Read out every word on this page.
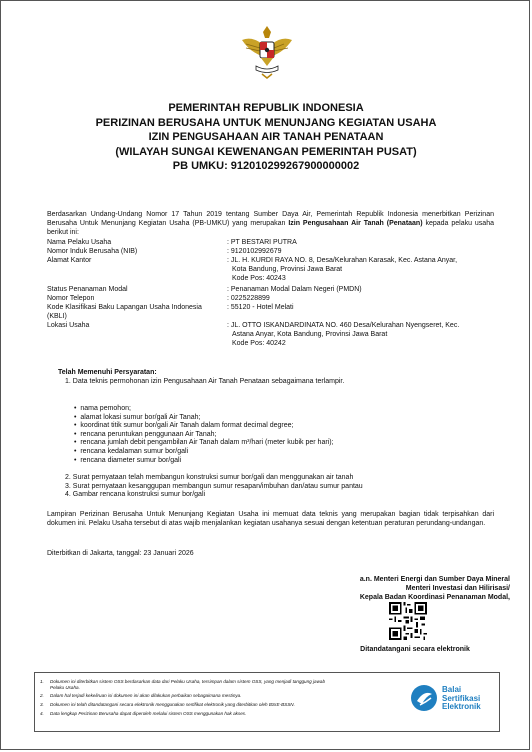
PEMERINTAH REPUBLIK INDONESIA
PERIZINAN BERUSAHA UNTUK MENUNJANG KEGIATAN USAHA
IZIN PENGUSAHAAN AIR TANAH PENATAAN
(WILAYAH SUNGAI KEWENANGAN PEMERINTAH PUSAT)
PB UMKU: 912010299267900000002
Berdasarkan Undang-Undang Nomor 17 Tahun 2019 tentang Sumber Daya Air, Pemerintah Republik Indonesia menerbitkan Perizinan Berusaha Untuk Menunjang Kegiatan Usaha (PB-UMKU) yang merupakan Izin Pengusahaan Air Tanah (Penataan) kepada pelaku usaha berikut ini:
Nama Pelaku Usaha	: PT BESTARI PUTRA
Nomor Induk Berusaha (NIB)	: 9120102992679
Alamat Kantor	: JL. H. KURDI RAYA NO. 8, Desa/Kelurahan Karasak, Kec. Astana Anyar,
Kota Bandung, Provinsi Jawa Barat
Kode Pos: 40243
Status Penanaman Modal	: Penanaman Modal Dalam Negeri (PMDN)
Nomor Telepon	: 0225228899
Kode Klasifikasi Baku Lapangan Usaha Indonesia	: 55120 - Hotel Melati
(KBLI)
Lokasi Usaha	: JL. OTTO ISKANDARDINATA NO. 460 Desa/Kelurahan Nyengseret, Kec.
Astana Anyar, Kota Bandung, Provinsi Jawa Barat
Kode Pos: 40242
Telah Memenuhi Persyaratan:
1. Data teknis permohonan izin Pengusahaan Air Tanah Penataan sebagaimana terlampir.
•  nama pemohon;
•  alamat lokasi sumur bor/gali Air Tanah;
•  koordinat titik sumur bor/gali Air Tanah dalam format decimal degree;
•  rencana peruntukan penggunaan Air Tanah;
•  rencana jumlah debit pengambilan Air Tanah dalam m³/hari (meter kubik per hari);
•  rencana kedalaman sumur bor/gali
•  rencana diameter sumur bor/gali
2. Surat pernyataan telah membangun konstruksi sumur bor/gali dan menggunakan air tanah
3. Surat pernyataan kesanggupan membangun sumur resapan/imbuhan dan/atau sumur pantau
4. Gambar rencana konstruksi sumur bor/gali
Lampiran Perizinan Berusaha Untuk Menunjang Kegiatan Usaha ini memuat data teknis yang merupakan bagian tidak terpisahkan dari dokumen ini. Pelaku Usaha tersebut di atas wajib menjalankan kegiatan usahanya sesuai dengan ketentuan peraturan perundang-undangan.
Diterbitkan di Jakarta, tanggal: 23 Januari 2026
a.n. Menteri Energi dan Sumber Daya Mineral
Menteri Investasi dan Hilirisasi/
Kepala Badan Koordinasi Penanaman Modal,
Ditandatangani secara elektronik
1. Dokumen ini diterbitkan sistem OSS berdasarkan data dari Pelaku Usaha, tersimpan dalam sistem OSS, yang menjadi tanggung jawab
Pelaku Usaha.
2. Dalam hal terjadi kekeliruan isi dokumen ini akan dilakukan perbaikan sebagaimana mestinya.
3. Dokumen ini telah ditandatangani secara elektronik menggunakan sertifikat elektronik yang diterbitkan oleh BSrE-BSSN.
4. Data lengkap Perizinan Berusaha dapat diperoleh melalui sistem OSS menggunakan hak akses.
Balai
Sertifikasi
Elektronik
